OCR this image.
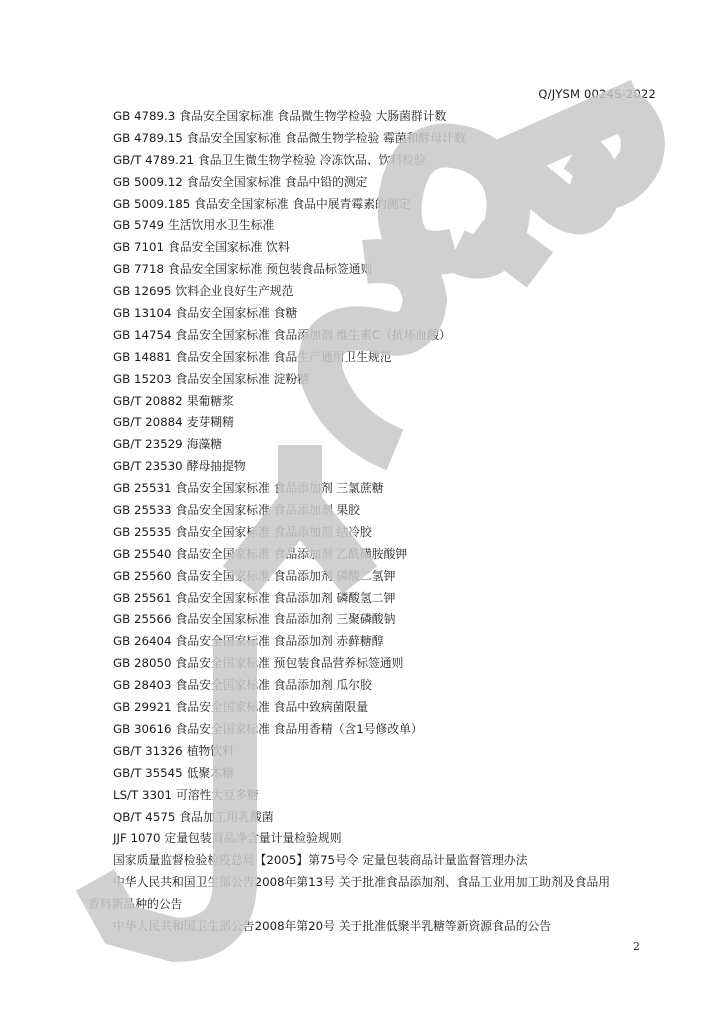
Q/JYSM 0024S-2022
GB 4789.3 食品安全国家标准 食品微生物学检验 大肠菌群计数
GB 4789.15 食品安全国家标准 食品微生物学检验 霉菌和酵母计数
GB/T 4789.21 食品卫生微生物学检验 冷冻饮品、饮料检验
GB 5009.12 食品安全国家标准 食品中铅的测定
GB 5009.185 食品安全国家标准 食品中展青霉素的测定
GB 5749 生活饮用水卫生标准
GB 7101 食品安全国家标准 饮料
GB 7718 食品安全国家标准 预包装食品标签通则
GB 12695 饮料企业良好生产规范
GB 13104 食品安全国家标准 食糖
GB 14754 食品安全国家标准 食品添加剂 维生素C（抗坏血酸）
GB 14881 食品安全国家标准 食品生产通用卫生规范
GB 15203 食品安全国家标准 淀粉糖
GB/T 20882 果葡糖浆
GB/T 20884 麦芽糊精
GB/T 23529 海藻糖
GB/T 23530 酵母抽提物
GB 25531 食品安全国家标准 食品添加剂 三氯蔗糖
GB 25533 食品安全国家标准 食品添加剂 果胶
GB 25535 食品安全国家标准 食品添加剂 结冷胶
GB 25540 食品安全国家标准 食品添加剂 乙酰磺胺酸钾
GB 25560 食品安全国家标准 食品添加剂 磷酸二氢钾
GB 25561 食品安全国家标准 食品添加剂 磷酸氢二钾
GB 25566 食品安全国家标准 食品添加剂 三聚磷酸钠
GB 26404 食品安全国家标准 食品添加剂 赤藓糖醇
GB 28050 食品安全国家标准 预包装食品营养标签通则
GB 28403 食品安全国家标准 食品添加剂 瓜尔胶
GB 29921 食品安全国家标准 食品中致病菌限量
GB 30616 食品安全国家标准 食品用香精（含1号修改单）
GB/T 31326 植物饮料
GB/T 35545 低聚木糖
LS/T 3301 可溶性大豆多糖
QB/T 4575 食品加工用乳酸菌
JJF 1070 定量包装商品净含量计量检验规则
国家质量监督检验检疫总局【2005】第75号令 定量包装商品计量监督管理办法
中华人民共和国卫生部公告2008年第13号 关于批准食品添加剂、食品工业用加工助剂及食品用
香料新品种的公告
中华人民共和国卫生部公告2008年第20号 关于批准低聚半乳糖等新资源食品的公告
2
